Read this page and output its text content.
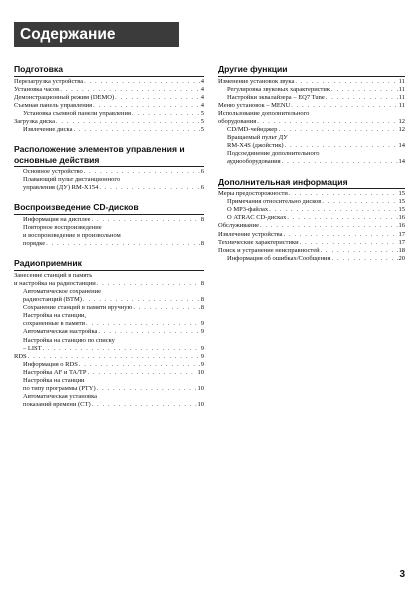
Содержание
Подготовка
Перезагрузка устройства . . .	4
Установка часов . . .	4
Демонстрационный режим (DEMO) . . .	4
Съемная панель управления . . .	4
Установка съемной панели управления . . .	5
Загрузка диска . . .	5
Извлечение диска . . .	5
Расположение элементов управления и основные действия
Основное устройство . . .	6
Плавающий пульт дистанционного
управления (ДУ) RM-X154 . . .	6
Воспроизведение CD-дисков
Информация на дисплее . . .	8
Повторное воспроизведение
и воспроизведение в произвольном
порядке . . .	8
Радиоприемник
Занесение станций в память
и настройка на радиостанции . . .	8
Автоматическое сохранение
радиостанций (BTM) . . .	8
Сохранение станций в памяти вручную . . .	8
Настройка на станции,
сохраненные в памяти . . .	9
Автоматическая настройка . . .	9
Настройка на станцию по списку
– LIST . . .	9
RDS . . .	9
Информация о RDS . . .	9
Настройка AF и TA/TP . . .	10
Настройка на станции
по типу программы (PTY) . . .	10
Автоматическая установка
показаний времени (CT) . . .	10
Другие функции
Изменение установок звука . . .	11
Регулировка звуковых характеристик . . .	11
Настройки эквалайзера – EQ7 Tune . . .	11
Меню установок – MENU . . .	11
Использование дополнительного
оборудования . . .	12
CD/MD-чейнджер . . .	12
Вращаемый пульт ДУ
RM-X4S (джойстик) . . .	14
Подсоединение дополнительного
аудиооборудования . . .	14
Дополнительная информация
Меры предосторожности . . .	15
Примечания относительно дисков . . .	15
О MP3-файлах . . .	15
О ATRAC CD-дисках . . .	16
Обслуживание . . .	16
Извлечение устройства . . .	17
Технические характеристики . . .	17
Поиск и устранение неисправностей . . .	18
Информация об ошибках/Сообщения . . .	20
3
